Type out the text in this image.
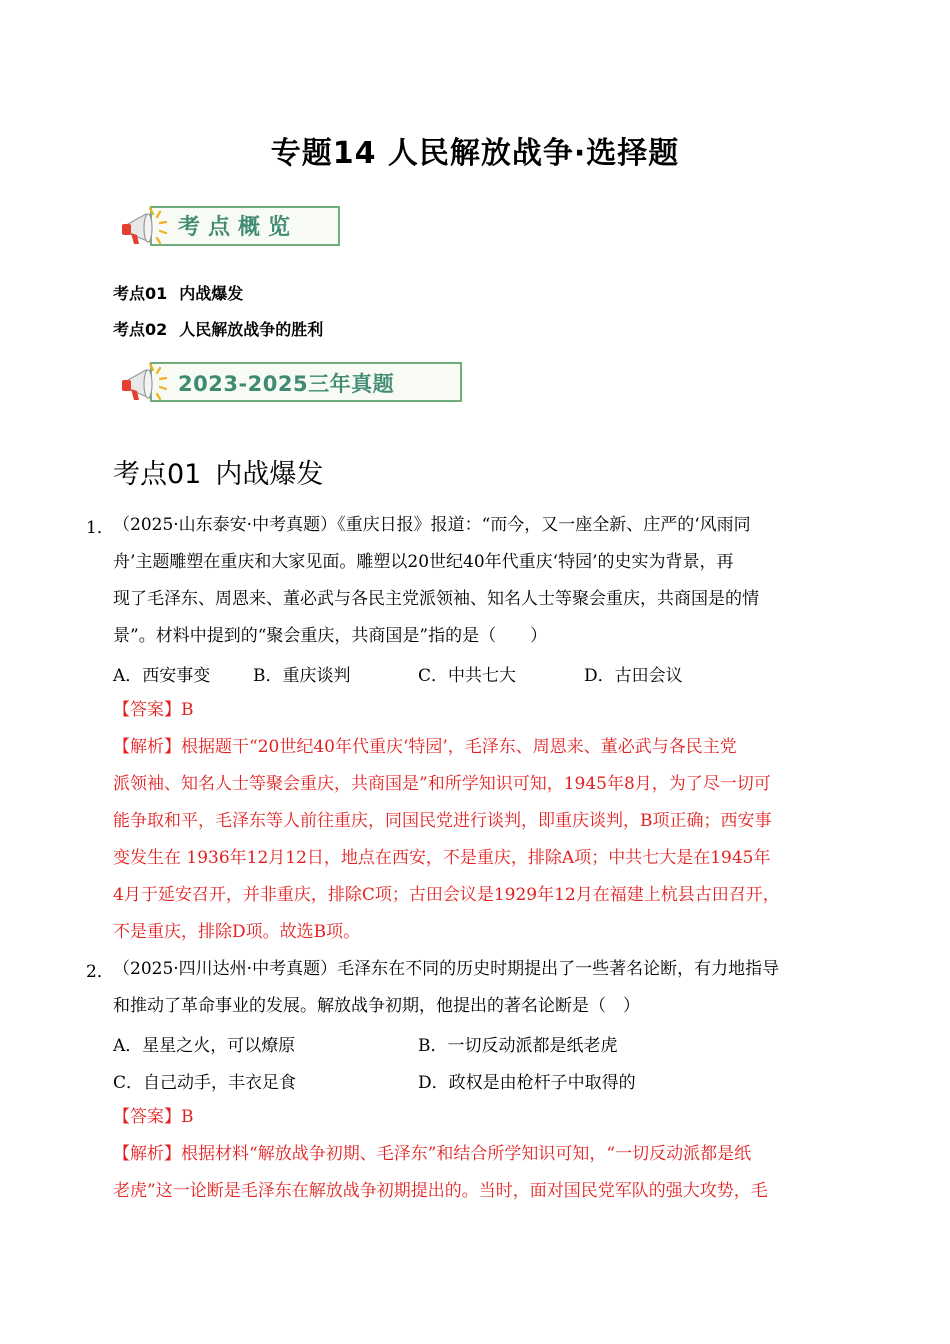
专题14 人民解放战争·选择题
考点概览
考点01 内战爆发
考点02 人民解放战争的胜利
2023-2025三年真题
考点01 内战爆发
1． （2025·山东泰安·中考真题）《重庆日报》报道：“而今，又一座全新、庄严的‘风雨同
舟’主题雕塑在重庆和大家见面。雕塑以20世纪40年代重庆‘特园’的史实为背景，再
现了毛泽东、周恩来、董必武与各民主党派领袖、知名人士等聚会重庆，共商国是的情
景”。材料中提到的“聚会重庆，共商国是”指的是（　　）
A．西安事变	B．重庆谈判	C．中共七大	D．古田会议
【答案】B
【解析】根据题干“20世纪40年代重庆‘特园’，毛泽东、周恩来、董必武与各民主党
派领袖、知名人士等聚会重庆，共商国是”和所学知识可知，1945年8月，为了尽一切可
能争取和平，毛泽东等人前往重庆，同国民党进行谈判，即重庆谈判，B项正确；西安事
变发生在 1936年12月12日，地点在西安，不是重庆，排除A项；中共七大是在1945年
4月于延安召开，并非重庆，排除C项；古田会议是1929年12月在福建上杭县古田召开，
不是重庆，排除D项。故选B项。
2． （2025·四川达州·中考真题）毛泽东在不同的历史时期提出了一些著名论断，有力地指导
和推动了革命事业的发展。解放战争初期，他提出的著名论断是（　）
A．星星之火，可以燎原	B．一切反动派都是纸老虎
C．自己动手，丰衣足食	D．政权是由枪杆子中取得的
【答案】B
【解析】根据材料“解放战争初期、毛泽东”和结合所学知识可知，“一切反动派都是纸
老虎”这一论断是毛泽东在解放战争初期提出的。当时，面对国民党军队的强大攻势，毛
